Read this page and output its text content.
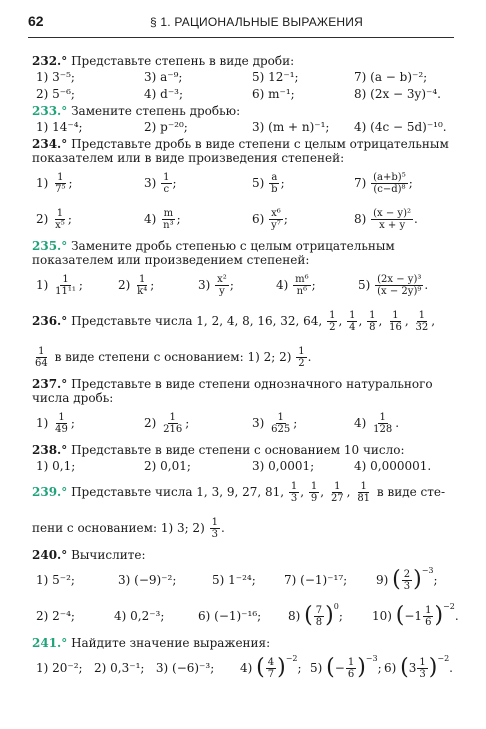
62	§ 1. РАЦИОНАЛЬНЫЕ ВЫРАЖЕНИЯ
232.° Представьте степень в виде дроби:
1) 3⁻⁵;	3) a⁻⁹;	5) 12⁻¹;	7) (a − b)⁻²;
2) 5⁻⁶;	4) d⁻³;	6) m⁻¹;	8) (2x − 3y)⁻⁴.
233.° Замените степень дробью:
1) 14⁻⁴;	2) p⁻²⁰;	3) (m + n)⁻¹; 4) (4c − 5d)⁻¹⁰.
234.° Представьте дробь в виде степени с целым отрицательным показателем или в виде произведения степеней:
1)
1
7⁵ ;	3)
1
c ;	5)
a
b ;	7)
(a+b)⁵
(c−d)⁸ ;
2)
1
x⁵ ;	4)
m
n³ ;	6)
x⁶
y⁷ ;	8)
(x − y)²
x + y .
235.° Замените дробь степенью с целым отрицательным показателем или произведением степеней:
1)
1
11¹¹ ;	2)
1
k⁴ ;	3)
x²
y ;	4)
m⁶
n⁶ ;	5)
(2x − y)³
(x − 2y)⁹ .
236.°
Представьте числа 1, 2, 4, 8, 16, 32, 64,
1
2 , 1
4 , 1
8 , 1
16 , 1
32 ,
1
64
в виде степени с основанием: 1) 2; 2)
1
2 .
237.° Представьте в виде степени однозначного натурального числа дробь:
1)
1
49 ;	2)
1
216 ;	3)
1
625 ;	4)
1
128 .
238.° Представьте в виде степени с основанием 10 число:
1) 0,1;	2) 0,01;	3) 0,0001;	4) 0,000001.
239.°
Представьте числа 1, 3, 9, 27, 81,
1
3 , 1
9 , 1
27 , 1
81
в виде сте-
пени с основанием: 1) 3; 2)
1
3 .
240.° Вычислите:
1) 5⁻²;	3) (−9)⁻²;	5) 1⁻²⁴; 7) (−1)⁻¹⁷; 9)
( 2
3 )$^{-3}$
;
2) 2⁻⁴;	4) 0,2⁻³;	6) (−1)⁻¹⁶; 8)
( 7
8 )$^0$
; 10)
( −1 1
6 )$^{-2}$
.
241.° Найдите значение выражения:
1) 20⁻²;   2) 0,3⁻¹;   3) (−6)⁻³; 4)
( 4
7 )$^{-2}$
; 5)
( − $\frac{1}{6} )^{-3}$
; 6)
( 3 1
3 )$^{-2}$
.
